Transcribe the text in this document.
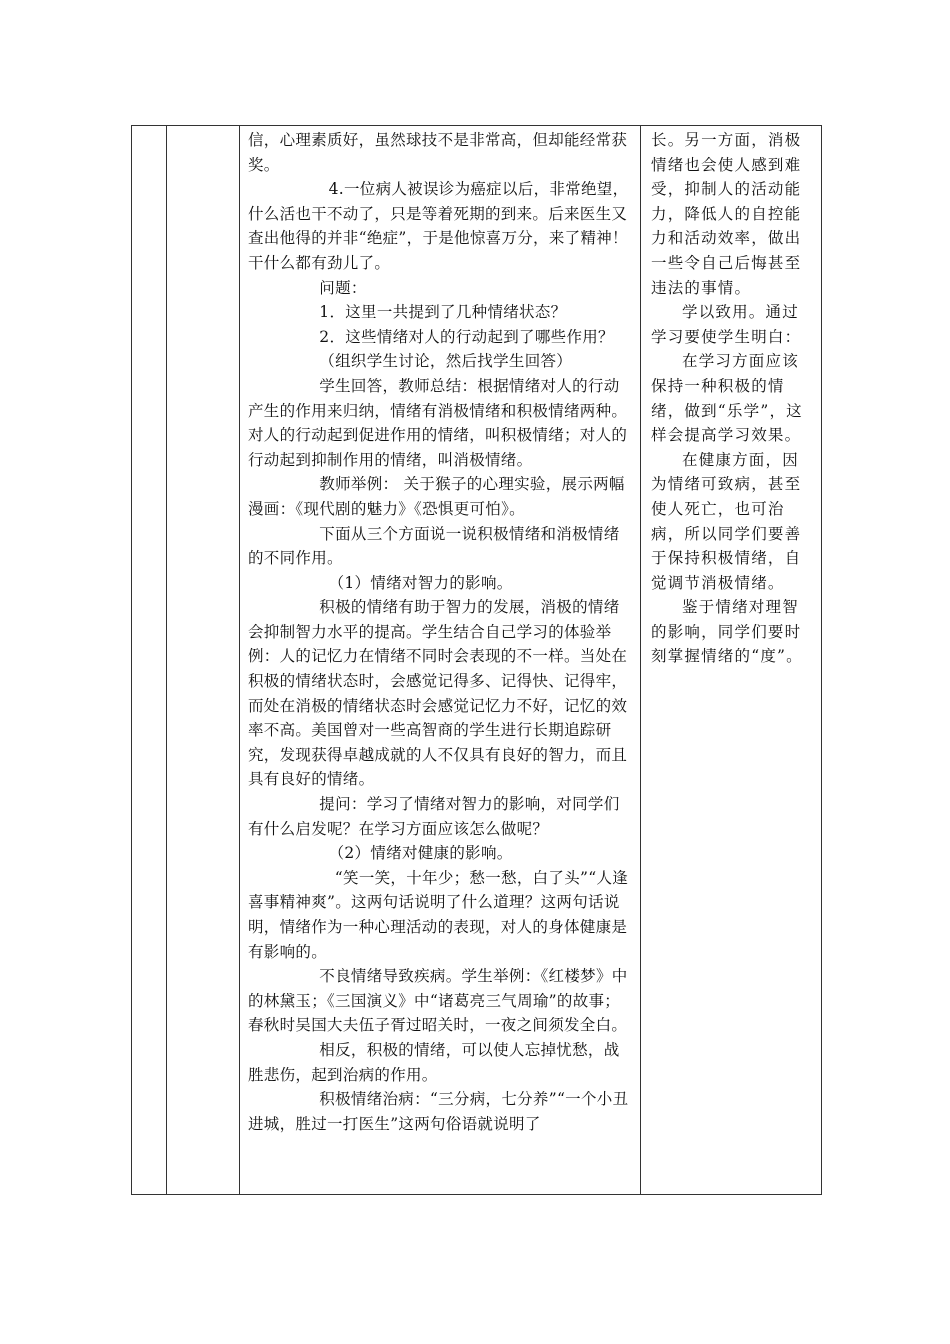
信，心理素质好，虽然球技不是非常高，但却能经常获奖。

4.一位病人被误诊为癌症以后，非常绝望，什么活也干不动了，只是等着死期的到来。后来医生又查出他得的并非“绝症”，于是他惊喜万分，来了精神！干什么都有劲儿了。

问题：

1．这里一共提到了几种情绪状态？

2．这些情绪对人的行动起到了哪些作用？

（组织学生讨论，然后找学生回答）

学生回答，教师总结：根据情绪对人的行动产生的作用来归纳，情绪有消极情绪和积极情绪两种。对人的行动起到促进作用的情绪，叫积极情绪；对人的行动起到抑制作用的情绪，叫消极情绪。

教师举例： 关于猴子的心理实验，展示两幅漫画：《现代剧的魅力》《恐惧更可怕》。

下面从三个方面说一说积极情绪和消极情绪的不同作用。

（1）情绪对智力的影响。

积极的情绪有助于智力的发展，消极的情绪会抑制智力水平的提高。学生结合自己学习的体验举例：人的记忆力在情绪不同时会表现的不一样。当处在积极的情绪状态时，会感觉记得多、记得快、记得牢，而处在消极的情绪状态时会感觉记忆力不好，记忆的效率不高。美国曾对一些高智商的学生进行长期追踪研究，发现获得卓越成就的人不仅具有良好的智力，而且具有良好的情绪。

提问：学习了情绪对智力的影响，对同学们有什么启发呢？在学习方面应该怎么做呢？

（2）情绪对健康的影响。

“笑一笑，十年少；愁一愁，白了头”“人逢喜事精神爽”。这两句话说明了什么道理？这两句话说明，情绪作为一种心理活动的表现，对人的身体健康是有影响的。

不良情绪导致疾病。学生举例：《红楼梦》中的林黛玉；《三国演义》中“诸葛亮三气周瑜”的故事；春秋时吴国大夫伍子胥过昭关时，一夜之间须发全白。

相反，积极的情绪，可以使人忘掉忧愁，战胜悲伤，起到治病的作用。

积极情绪治病：“三分病，七分养”“一个小丑进城，胜过一打医生”这两句俗语就说明了

长。另一方面，消极情绪也会使人感到难受，抑制人的活动能力，降低人的自控能力和活动效率，做出一些令自己后悔甚至违法的事情。

学以致用。通过学习要使学生明白：

在学习方面应该保持一种积极的情绪，做到“乐学”，这样会提高学习效果。

在健康方面，因为情绪可致病，甚至使人死亡，也可治病，所以同学们要善于保持积极情绪，自觉调节消极情绪。

鉴于情绪对理智的影响，同学们要时刻掌握情绪的“度”。
